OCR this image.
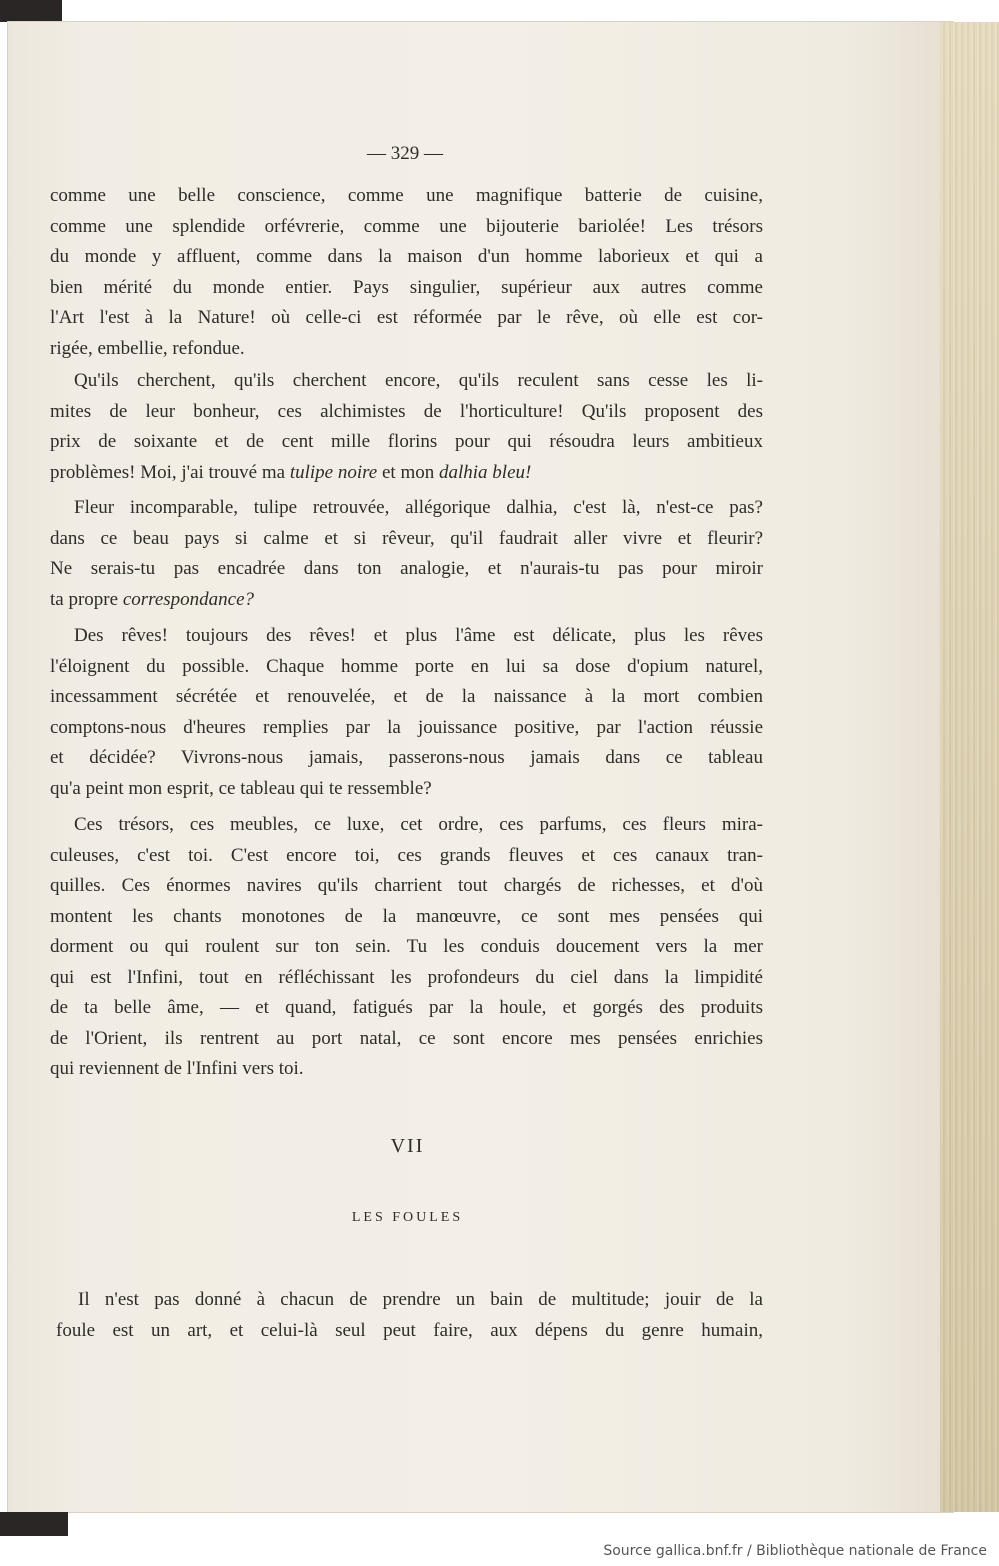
— 329 —

comme une belle conscience, comme une magnifique batterie de cuisine,
comme une splendide orfévrerie, comme une bijouterie bariolée! Les trésors
du monde y affluent, comme dans la maison d'un homme laborieux et qui a
bien mérité du monde entier. Pays singulier, supérieur aux autres comme
l'Art l'est à la Nature! où celle-ci est réformée par le rêve, où elle est cor-
rigée, embellie, refondue.

Qu'ils cherchent, qu'ils cherchent encore, qu'ils reculent sans cesse les li-
mites de leur bonheur, ces alchimistes de l'horticulture! Qu'ils proposent des
prix de soixante et de cent mille florins pour qui résoudra leurs ambitieux
problèmes! Moi, j'ai trouvé ma tulipe noire et mon dalhia bleu!

Fleur incomparable, tulipe retrouvée, allégorique dalhia, c'est là, n'est-ce pas?
dans ce beau pays si calme et si rêveur, qu'il faudrait aller vivre et fleurir?
Ne serais-tu pas encadrée dans ton analogie, et n'aurais-tu pas pour miroir
ta propre correspondance?

Des rêves! toujours des rêves! et plus l'âme est délicate, plus les rêves
l'éloignent du possible. Chaque homme porte en lui sa dose d'opium naturel,
incessamment sécrétée et renouvelée, et de la naissance à la mort combien
comptons-nous d'heures remplies par la jouissance positive, par l'action réussie
et décidée? Vivrons-nous jamais, passerons-nous jamais dans ce tableau
qu'a peint mon esprit, ce tableau qui te ressemble?

Ces trésors, ces meubles, ce luxe, cet ordre, ces parfums, ces fleurs mira-
culeuses, c'est toi. C'est encore toi, ces grands fleuves et ces canaux tran-
quilles. Ces énormes navires qu'ils charrient tout chargés de richesses, et d'où
montent les chants monotones de la manœuvre, ce sont mes pensées qui
dorment ou qui roulent sur ton sein. Tu les conduis doucement vers la mer
qui est l'Infini, tout en réfléchissant les profondeurs du ciel dans la limpidité
de ta belle âme, — et quand, fatigués par la houle, et gorgés des produits
de l'Orient, ils rentrent au port natal, ce sont encore mes pensées enrichies
qui reviennent de l'Infini vers toi.

VII
LES FOULES

Il n'est pas donné à chacun de prendre un bain de multitude; jouir de la
foule est un art, et celui-là seul peut faire, aux dépens du genre humain,

Source gallica.bnf.fr / Bibliothèque nationale de France
